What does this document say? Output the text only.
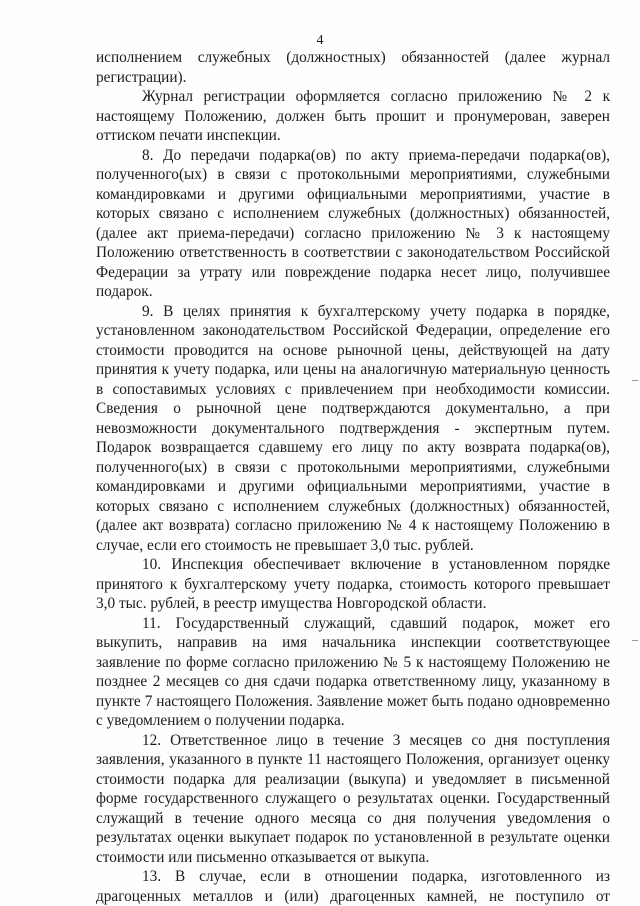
4

исполнением служебных (должностных) обязанностей (далее журнал регистрации).

Журнал регистрации оформляется согласно приложению № 2 к настоящему Положению, должен быть прошит и пронумерован, заверен оттиском печати инспекции.

8. До передачи подарка(ов) по акту приема-передачи подарка(ов), полученного(ых) в связи с протокольными мероприятиями, служебными командировками и другими официальными мероприятиями, участие в которых связано с исполнением служебных (должностных) обязанностей, (далее акт приема-передачи) согласно приложению № 3 к настоящему Положению ответственность в соответствии с законодательством Российской Федерации за утрату или повреждение подарка несет лицо, получившее подарок.

9. В целях принятия к бухгалтерскому учету подарка в порядке, установленном законодательством Российской Федерации, определение его стоимости проводится на основе рыночной цены, действующей на дату принятия к учету подарка, или цены на аналогичную материальную ценность в сопоставимых условиях с привлечением при необходимости комиссии. Сведения о рыночной цене подтверждаются документально, а при невозможности документального подтверждения - экспертным путем. Подарок возвращается сдавшему его лицу по акту возврата подарка(ов), полученного(ых) в связи с протокольными мероприятиями, служебными командировками и другими официальными мероприятиями, участие в которых связано с исполнением служебных (должностных) обязанностей, (далее акт возврата) согласно приложению № 4 к настоящему Положению в случае, если его стоимость не превышает 3,0 тыс. рублей.

10. Инспекция обеспечивает включение в установленном порядке принятого к бухгалтерскому учету подарка, стоимость которого превышает 3,0 тыс. рублей, в реестр имущества Новгородской области.

11. Государственный служащий, сдавший подарок, может его выкупить, направив на имя начальника инспекции соответствующее заявление по форме согласно приложению № 5 к настоящему Положению не позднее 2 месяцев со дня сдачи подарка ответственному лицу, указанному в пункте 7 настоящего Положения. Заявление может быть подано одновременно с уведомлением о получении подарка.

12. Ответственное лицо в течение 3 месяцев со дня поступления заявления, указанного в пункте 11 настоящего Положения, организует оценку стоимости подарка для реализации (выкупа) и уведомляет в письменной форме государственного служащего о результатах оценки. Государственный служащий в течение одного месяца со дня получения уведомления о результатах оценки выкупает подарок по установленной в результате оценки стоимости или письменно отказывается от выкупа.

13. В случае, если в отношении подарка, изготовленного из драгоценных металлов и (или) драгоценных камней, не поступило от
